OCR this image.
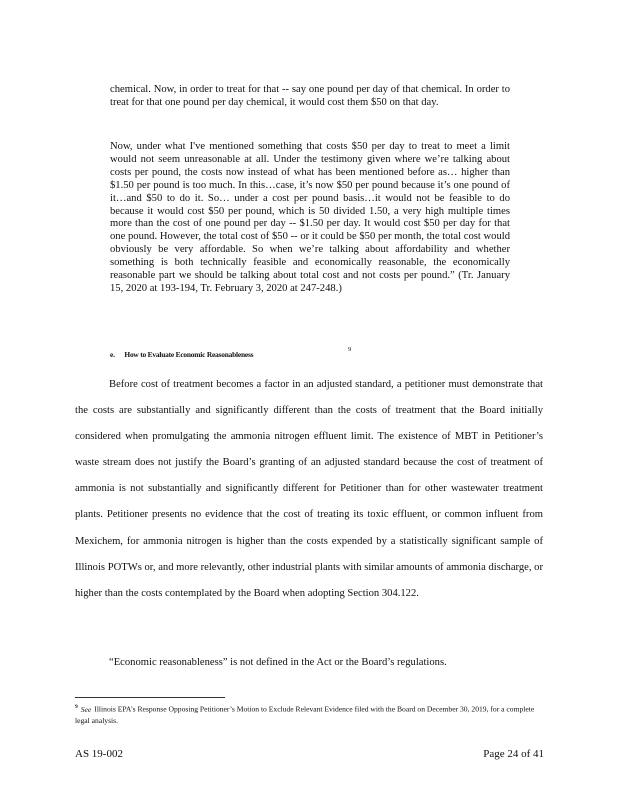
chemical. Now, in order to treat for that -- say one pound per day of that chemical. In order to treat for that one pound per day chemical, it would cost them $50 on that day.

Now, under what I've mentioned something that costs $50 per day to treat to meet a limit would not seem unreasonable at all. Under the testimony given where we’re talking about costs per pound, the costs now instead of what has been mentioned before as… higher than $1.50 per pound is too much. In this…case, it’s now $50 per pound because it’s one pound of it…and $50 to do it. So… under a cost per pound basis…it would not be feasible to do because it would cost $50 per pound, which is 50 divided 1.50, a very high multiple times more than the cost of one pound per day -- $1.50 per day. It would cost $50 per day for that one pound. However, the total cost of $50 -- or it could be $50 per month, the total cost would obviously be very affordable. So when we’re talking about affordability and whether something is both technically feasible and economically reasonable, the economically reasonable part we should be talking about total cost and not costs per pound.” (Tr. January 15, 2020 at 193-194, Tr. February 3, 2020 at 247-248.)

e. How to Evaluate Economic Reasonableness
9

Before cost of treatment becomes a factor in an adjusted standard, a petitioner must demonstrate that the costs are substantially and significantly different than the costs of treatment that the Board initially considered when promulgating the ammonia nitrogen effluent limit. The existence of MBT in Petitioner’s waste stream does not justify the Board’s granting of an adjusted standard because the cost of treatment of ammonia is not substantially and significantly different for Petitioner than for other wastewater treatment plants. Petitioner presents no evidence that the cost of treating its toxic effluent, or common influent from Mexichem, for ammonia nitrogen is higher than the costs expended by a statistically significant sample of Illinois POTWs or, and more relevantly, other industrial plants with similar amounts of ammonia discharge, or higher than the costs contemplated by the Board when adopting Section 304.122.

“Economic reasonableness” is not defined in the Act or the Board’s regulations.

$^9$ See Illinois EPA’s Response Opposing Petitioner’s Motion to Exclude Relevant Evidence filed with the Board on December 30, 2019, for a complete legal analysis.
AS 19-002	Page 24 of 41
